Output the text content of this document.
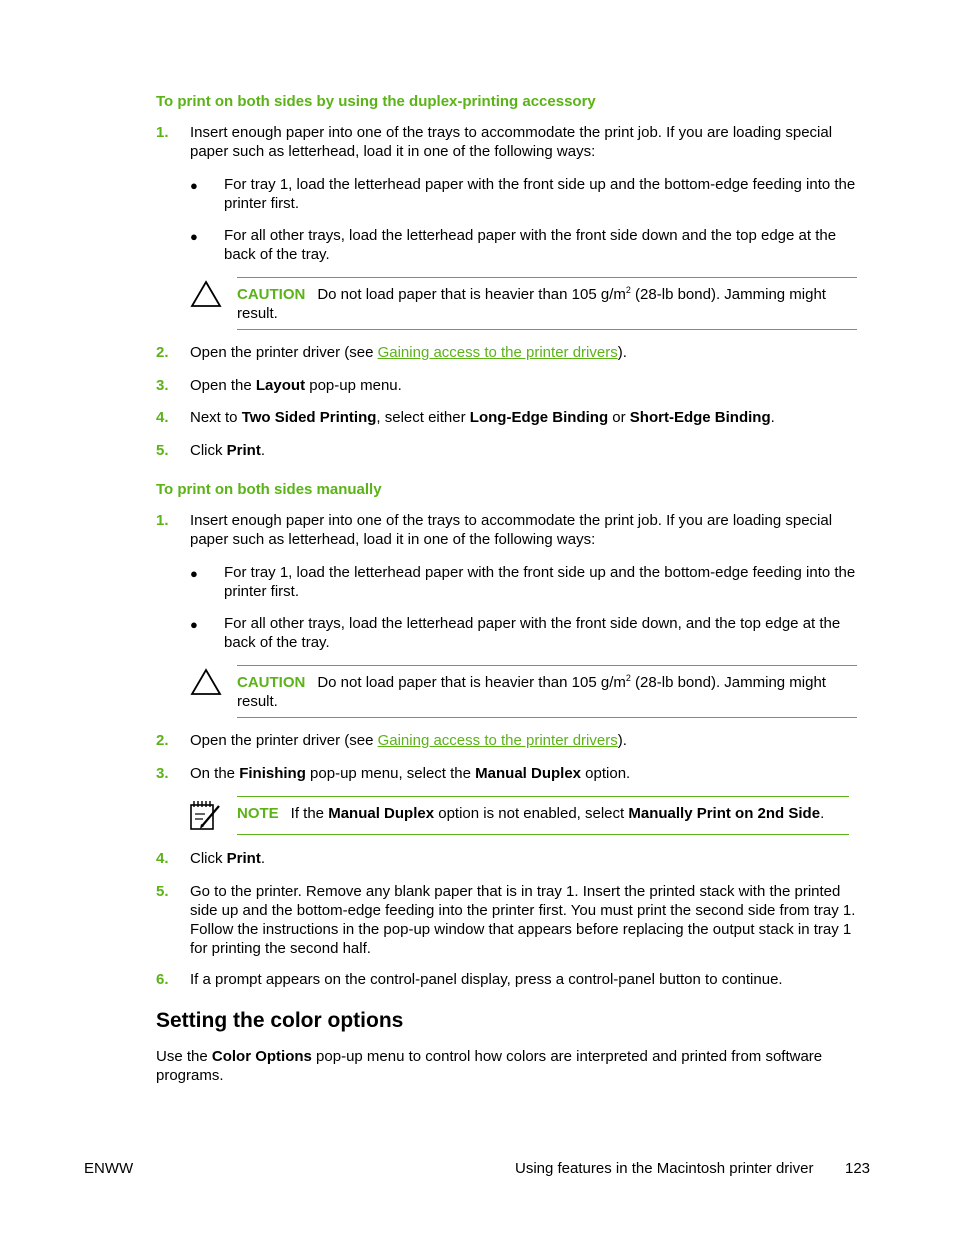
To print on both sides by using the duplex-printing accessory
1. Insert enough paper into one of the trays to accommodate the print job. If you are loading special paper such as letterhead, load it in one of the following ways:
● For tray 1, load the letterhead paper with the front side up and the bottom-edge feeding into the printer first.
● For all other trays, load the letterhead paper with the front side down and the top edge at the back of the tray.
CAUTION Do not load paper that is heavier than 105 $g/m^2$ (28-lb bond). Jamming might result.
2. Open the printer driver (see Gaining access to the printer drivers).
3. Open the Layout pop-up menu.
4. Next to Two Sided Printing, select either Long-Edge Binding or Short-Edge Binding.
5. Click Print.
To print on both sides manually
1. Insert enough paper into one of the trays to accommodate the print job. If you are loading special paper such as letterhead, load it in one of the following ways:
● For tray 1, load the letterhead paper with the front side up and the bottom-edge feeding into the printer first.
● For all other trays, load the letterhead paper with the front side down, and the top edge at the back of the tray.
CAUTION Do not load paper that is heavier than 105 $g/m^2$ (28-lb bond). Jamming might result.
2. Open the printer driver (see Gaining access to the printer drivers).
3. On the Finishing pop-up menu, select the Manual Duplex option.
NOTE If the Manual Duplex option is not enabled, select Manually Print on 2nd Side.
4. Click Print.
5. Go to the printer. Remove any blank paper that is in tray 1. Insert the printed stack with the printed side up and the bottom-edge feeding into the printer first. You must print the second side from tray 1. Follow the instructions in the pop-up window that appears before replacing the output stack in tray 1 for printing the second half.
6. If a prompt appears on the control-panel display, press a control-panel button to continue.
Setting the color options
Use the Color Options pop-up menu to control how colors are interpreted and printed from software programs.
ENWW	Using features in the Macintosh printer driver 123
